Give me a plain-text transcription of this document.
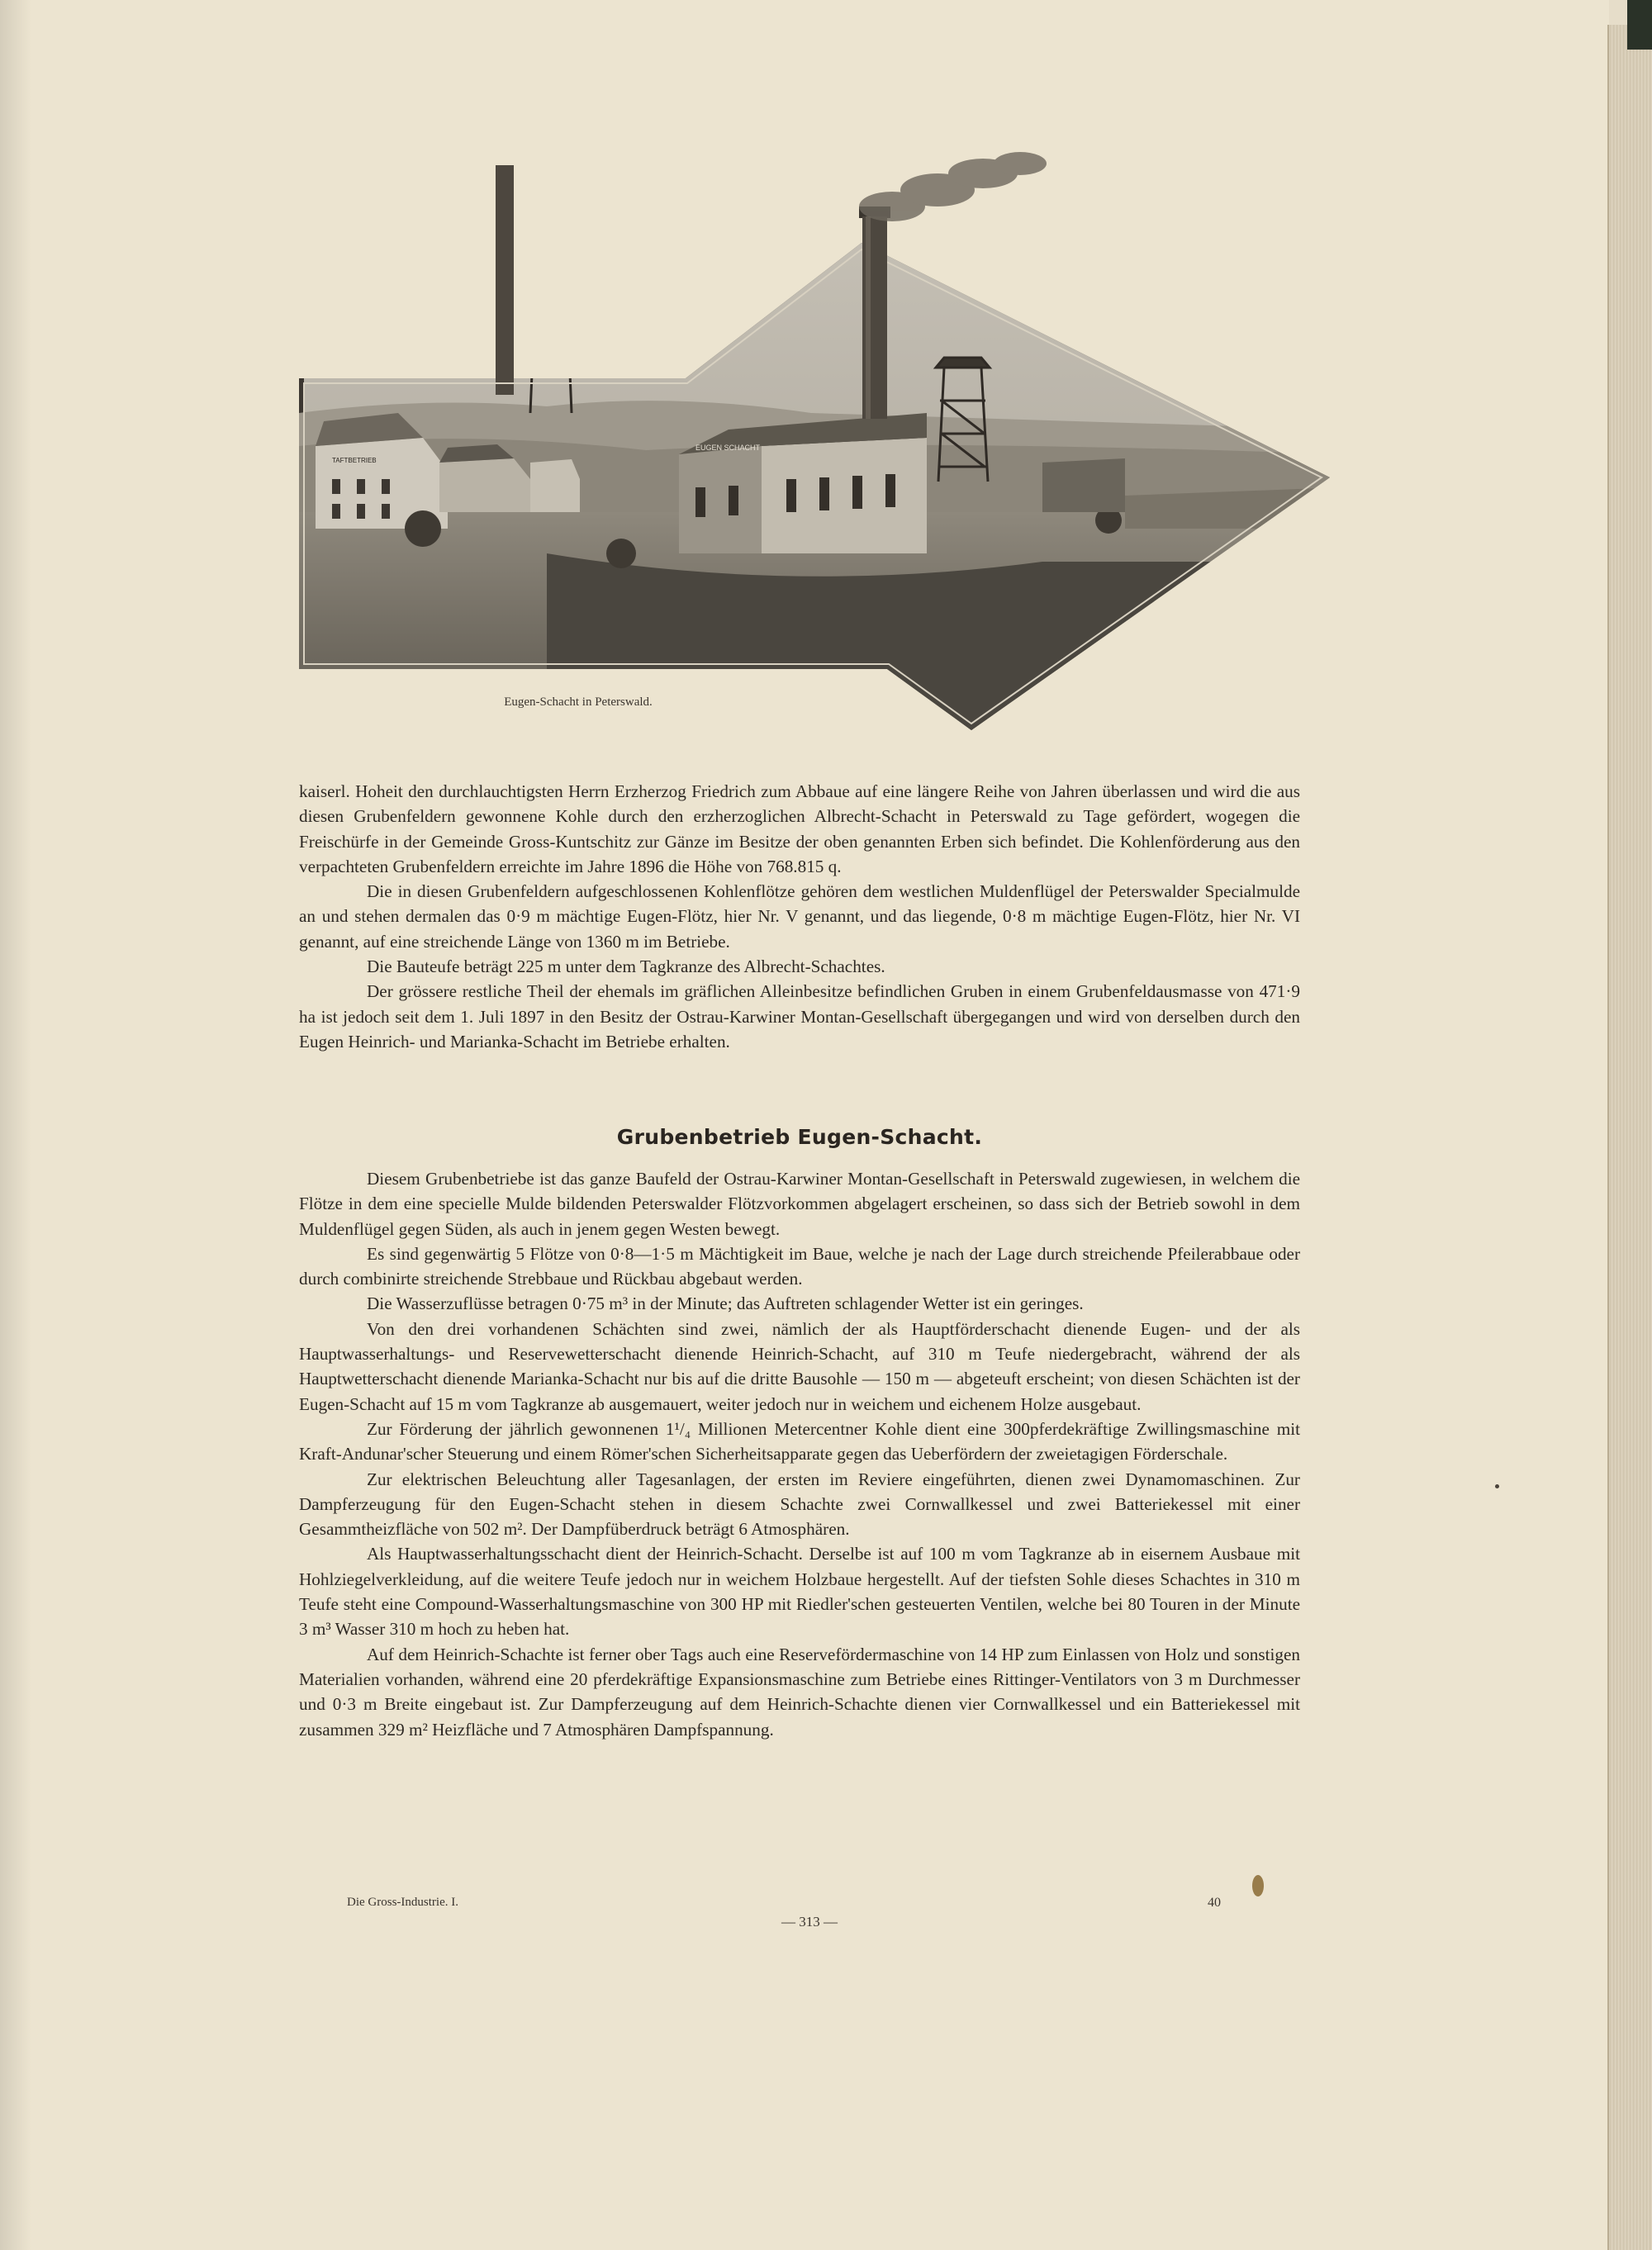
TAFTBETRIEB
EUGEN SCHACHT
Eugen-Schacht in Peterswald.

kaiserl. Hoheit den durchlauchtigsten Herrn Erzherzog Friedrich zum Abbaue auf eine längere Reihe von Jahren überlassen und wird die aus diesen Grubenfeldern gewonnene Kohle durch den erzherzoglichen Albrecht-Schacht in Peterswald zu Tage gefördert, wogegen die Freischürfe in der Gemeinde Gross-Kuntschitz zur Gänze im Besitze der oben genannten Erben sich befindet. Die Kohlenförderung aus den verpachteten Grubenfeldern erreichte im Jahre 1896 die Höhe von 768.815 q.

Die in diesen Grubenfeldern aufgeschlossenen Kohlenflötze gehören dem westlichen Muldenflügel der Peterswalder Specialmulde an und stehen dermalen das 0·9 m mächtige Eugen-Flötz, hier Nr. V genannt, und das liegende, 0·8 m mächtige Eugen-Flötz, hier Nr. VI genannt, auf eine streichende Länge von 1360 m im Betriebe.

Die Bauteufe beträgt 225 m unter dem Tagkranze des Albrecht-Schachtes.

Der grössere restliche Theil der ehemals im gräflichen Alleinbesitze befindlichen Gruben in einem Grubenfeldausmasse von 471·9 ha ist jedoch seit dem 1. Juli 1897 in den Besitz der Ostrau-Karwiner Montan-Gesellschaft übergegangen und wird von derselben durch den Eugen Heinrich- und Marianka-Schacht im Betriebe erhalten.

Grubenbetrieb Eugen-Schacht.

Diesem Grubenbetriebe ist das ganze Baufeld der Ostrau-Karwiner Montan-Gesellschaft in Peterswald zugewiesen, in welchem die Flötze in dem eine specielle Mulde bildenden Peterswalder Flötzvorkommen abgelagert erscheinen, so dass sich der Betrieb sowohl in dem Muldenflügel gegen Süden, als auch in jenem gegen Westen bewegt.

Es sind gegenwärtig 5 Flötze von 0·8—1·5 m Mächtigkeit im Baue, welche je nach der Lage durch streichende Pfeilerabbaue oder durch combinirte streichende Strebbaue und Rückbau abgebaut werden.

Die Wasserzuflüsse betragen 0·75 m³ in der Minute; das Auftreten schlagender Wetter ist ein geringes.

Von den drei vorhandenen Schächten sind zwei, nämlich der als Hauptförderschacht dienende Eugen- und der als Hauptwasserhaltungs- und Reservewetterschacht dienende Heinrich-Schacht, auf 310 m Teufe niedergebracht, während der als Hauptwetterschacht dienende Marianka-Schacht nur bis auf die dritte Bausohle — 150 m — abgeteuft erscheint; von diesen Schächten ist der Eugen-Schacht auf 15 m vom Tagkranze ab ausgemauert, weiter jedoch nur in weichem und eichenem Holze ausgebaut.

Zur Förderung der jährlich gewonnenen 1¹/₄ Millionen Metercentner Kohle dient eine 300pferdekräftige Zwillingsmaschine mit Kraft-Andunar'scher Steuerung und einem Römer'schen Sicherheitsapparate gegen das Ueberfördern der zweietagigen Förderschale.

Zur elektrischen Beleuchtung aller Tagesanlagen, der ersten im Reviere eingeführten, dienen zwei Dynamomaschinen. Zur Dampferzeugung für den Eugen-Schacht stehen in diesem Schachte zwei Cornwallkessel und zwei Batteriekessel mit einer Gesammtheizfläche von 502 m². Der Dampfüberdruck beträgt 6 Atmosphären.

Als Hauptwasserhaltungsschacht dient der Heinrich-Schacht. Derselbe ist auf 100 m vom Tagkranze ab in eisernem Ausbaue mit Hohlziegelverkleidung, auf die weitere Teufe jedoch nur in weichem Holzbaue hergestellt. Auf der tiefsten Sohle dieses Schachtes in 310 m Teufe steht eine Compound-Wasserhaltungsmaschine von 300 HP mit Riedler'schen gesteuerten Ventilen, welche bei 80 Touren in der Minute 3 m³ Wasser 310 m hoch zu heben hat.

Auf dem Heinrich-Schachte ist ferner ober Tags auch eine Reservefördermaschine von 14 HP zum Einlassen von Holz und sonstigen Materialien vorhanden, während eine 20 pferdekräftige Expansionsmaschine zum Betriebe eines Rittinger-Ventilators von 3 m Durchmesser und 0·3 m Breite eingebaut ist. Zur Dampferzeugung auf dem Heinrich-Schachte dienen vier Cornwallkessel und ein Batteriekessel mit zusammen 329 m² Heizfläche und 7 Atmosphären Dampfspannung.

Die Gross-Industrie. I.
— 313 —
40
